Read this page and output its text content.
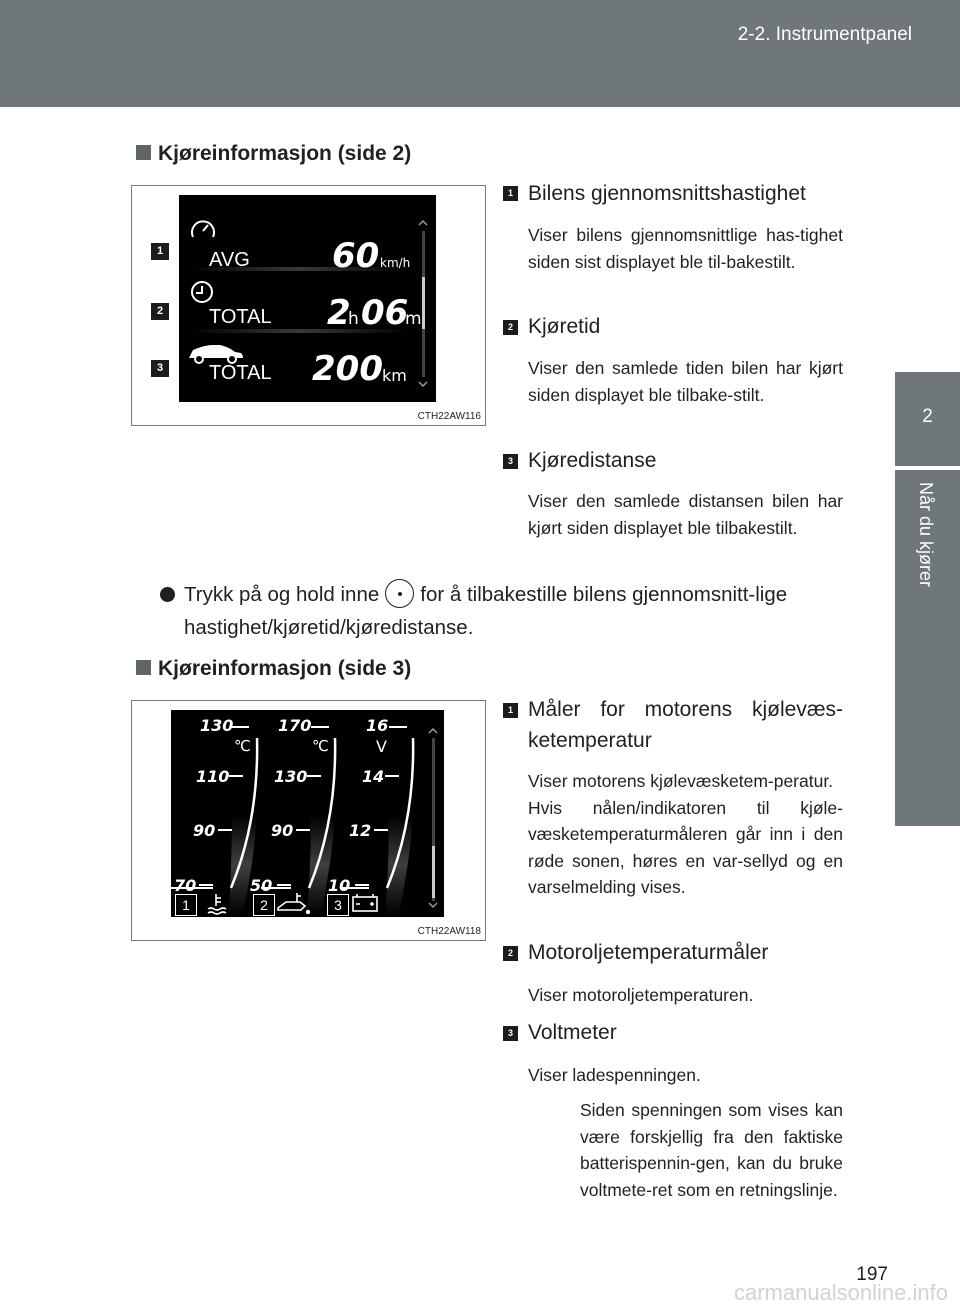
2-2. Instrumentpanel
2
Når du kjører
Kjøreinformasjon (side 2)
1
2
3
AVG 60 km/h
TOTAL 2
h 06
m
TOTAL 200 km
CTH22AW116
1 Bilens gjennomsnittshastighet
Viser bilens gjennomsnittlige has-tighet siden sist displayet ble til-bakestilt.
2 Kjøretid
Viser den samlede tiden bilen har kjørt siden displayet ble tilbake-stilt.
3 Kjøredistanse
Viser den samlede distansen bilen har kjørt siden displayet ble tilbakestilt.
Trykk på og hold inne for å tilbakestille bilens gjennomsnitt-lige hastighet/kjøretid/kjøredistanse.
Kjøreinformasjon (side 3)
130
℃
110
90
70
170
℃
130
90
50
16
V
14
12
10
1	2	3
CTH22AW118
1 Måler for motorens kjølevæs-ketemperatur
Viser motorens kjølevæsketem-peratur.
Hvis nålen/indikatoren til kjøle-væsketemperaturmåleren går inn i den røde sonen, høres en var-sellyd og en varselmelding vises.
2 Motoroljetemperaturmåler
Viser motoroljetemperaturen.
3 Voltmeter
Viser ladespenningen.
Siden spenningen som vises kan være forskjellig fra den faktiske batterispennin-gen, kan du bruke voltmete-ret som en retningslinje.
197
carmanualsonline.info
